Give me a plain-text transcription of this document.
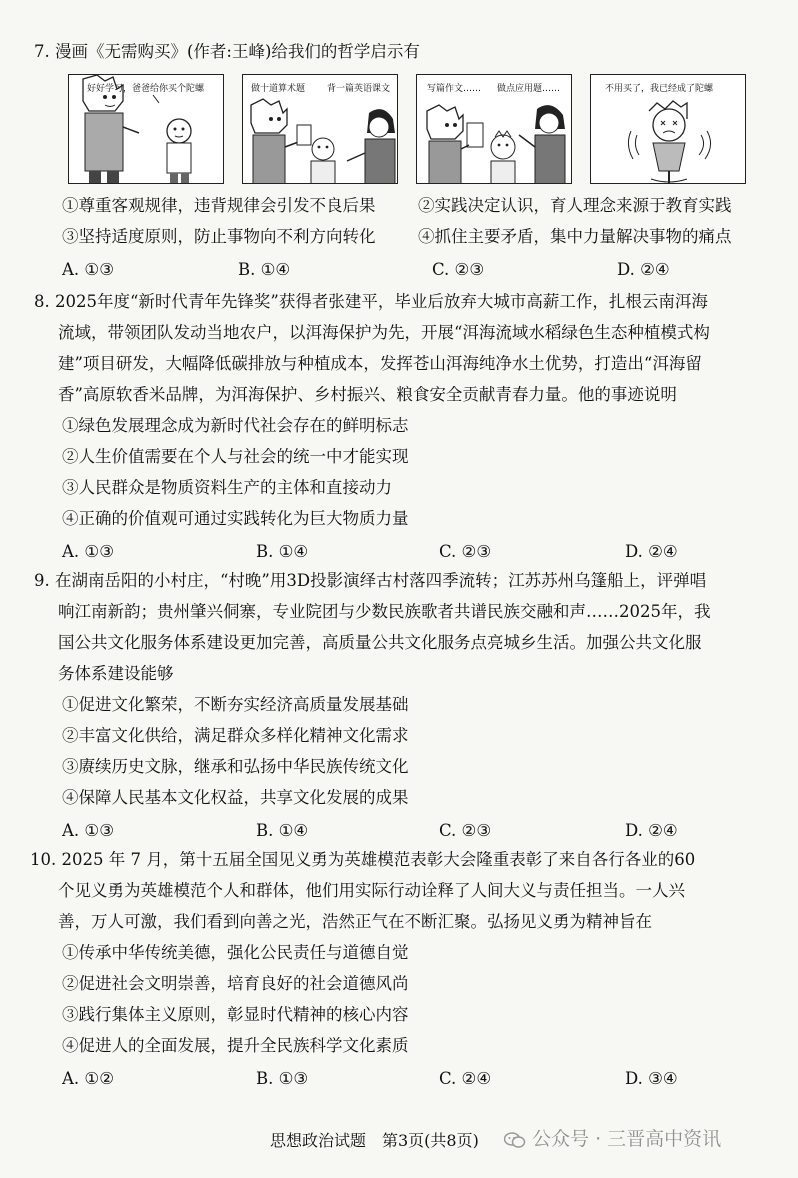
7. 漫画《无需购买》(作者:王峰)给我们的哲学启示有
好好学习，爸爸给你买个陀螺	做十道算术题 背一篇英语课文	写篇作文…… 做点应用题……	不用买了，我已经成了陀螺
①尊重客观规律，违背规律会引发不良后果	②实践决定认识，育人理念来源于教育实践
③坚持适度原则，防止事物向不利方向转化	④抓住主要矛盾，集中力量解决事物的痛点
A. ①③	B. ①④	C. ②③	D. ②④
8. 2025年度“新时代青年先锋奖”获得者张建平，毕业后放弃大城市高薪工作，扎根云南洱海
流域，带领团队发动当地农户，以洱海保护为先，开展“洱海流域水稻绿色生态种植模式构
建”项目研发，大幅降低碳排放与种植成本，发挥苍山洱海纯净水土优势，打造出“洱海留
香”高原软香米品牌，为洱海保护、乡村振兴、粮食安全贡献青春力量。他的事迹说明
①绿色发展理念成为新时代社会存在的鲜明标志
②人生价值需要在个人与社会的统一中才能实现
③人民群众是物质资料生产的主体和直接动力
④正确的价值观可通过实践转化为巨大物质力量
A. ①③	B. ①④	C. ②③	D. ②④
9. 在湖南岳阳的小村庄，“村晚”用3D投影演绎古村落四季流转；江苏苏州乌篷船上，评弹唱
响江南新韵；贵州肇兴侗寨，专业院团与少数民族歌者共谱民族交融和声……2025年，我
国公共文化服务体系建设更加完善，高质量公共文化服务点亮城乡生活。加强公共文化服
务体系建设能够
①促进文化繁荣，不断夯实经济高质量发展基础
②丰富文化供给，满足群众多样化精神文化需求
③赓续历史文脉，继承和弘扬中华民族传统文化
④保障人民基本文化权益，共享文化发展的成果
A. ①③	B. ①④	C. ②③	D. ②④
10. 2025 年 7 月，第十五届全国见义勇为英雄模范表彰大会隆重表彰了来自各行各业的60
个见义勇为英雄模范个人和群体，他们用实际行动诠释了人间大义与责任担当。一人兴
善，万人可激，我们看到向善之光，浩然正气在不断汇聚。弘扬见义勇为精神旨在
①传承中华传统美德，强化公民责任与道德自觉
②促进社会文明崇善，培育良好的社会道德风尚
③践行集体主义原则，彰显时代精神的核心内容
④促进人的全面发展，提升全民族科学文化素质
A. ①②	B. ①③	C. ②④	D. ③④
思想政治试题　第3页(共8页)	公众号 · 三晋高中资讯
